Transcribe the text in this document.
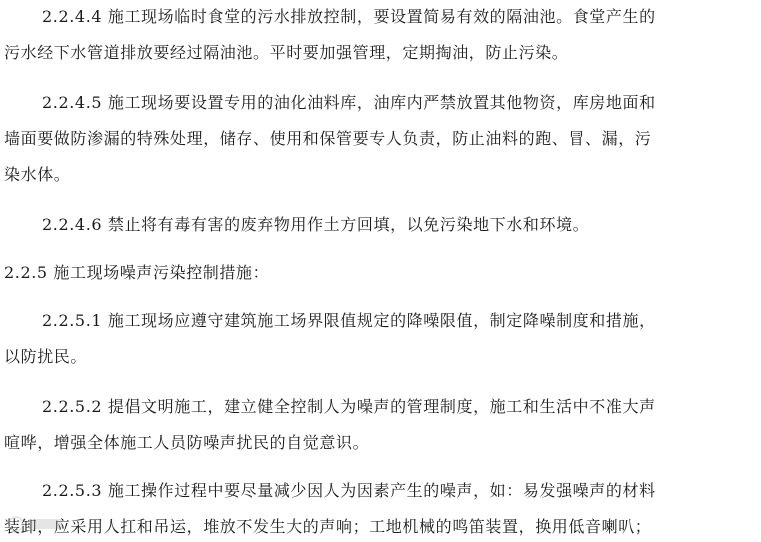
2.2.4.4 施工现场临时食堂的污水排放控制，要设置简易有效的隔油池。食堂产生的
污水经下水管道排放要经过隔油池。平时要加强管理，定期掏油，防止污染。
2.2.4.5 施工现场要设置专用的油化油料库，油库内严禁放置其他物资，库房地面和
墙面要做防渗漏的特殊处理，储存、使用和保管要专人负责，防止油料的跑、冒、漏，污
染水体。
2.2.4.6 禁止将有毒有害的废弃物用作土方回填，以免污染地下水和环境。
2.2.5 施工现场噪声污染控制措施：
2.2.5.1 施工现场应遵守建筑施工场界限值规定的降噪限值，制定降噪制度和措施，
以防扰民。
2.2.5.2 提倡文明施工，建立健全控制人为噪声的管理制度，施工和生活中不准大声
喧哗，增强全体施工人员防噪声扰民的自觉意识。
2.2.5.3 施工操作过程中要尽量减少因人为因素产生的噪声，如：易发强噪声的材料
装卸，应采用人扛和吊运，堆放不发生大的声响；工地机械的鸣笛装置，换用低音喇叭；
